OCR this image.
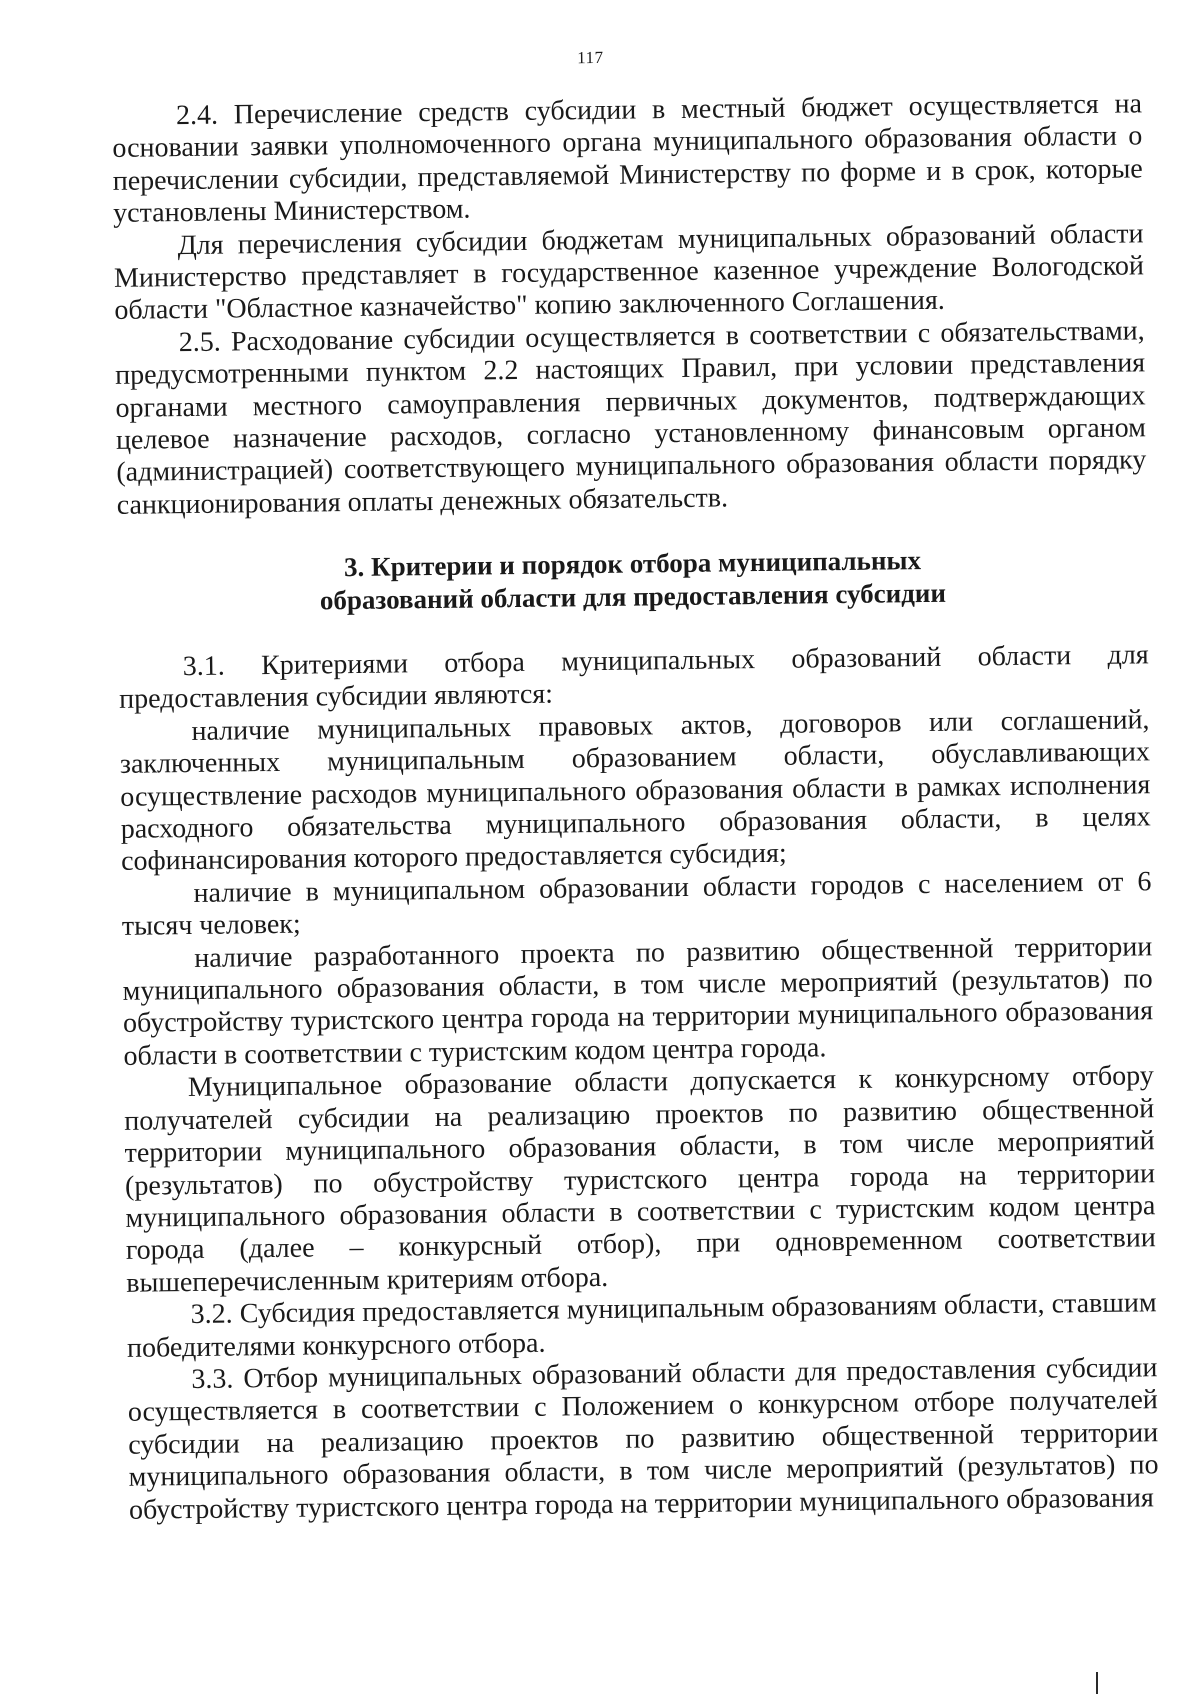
117

2.4. Перечисление средств субсидии в местный бюджет осуществляется на основании заявки уполномоченного органа муниципального образования области о перечислении субсидии, представляемой Министерству по форме и в срок, которые установлены Министерством.

Для перечисления субсидии бюджетам муниципальных образований области Министерство представляет в государственное казенное учреждение Вологодской области "Областное казначейство" копию заключенного Соглашения.

2.5. Расходование субсидии осуществляется в соответствии с обязательствами, предусмотренными пунктом 2.2 настоящих Правил, при условии представления органами местного самоуправления первичных документов, подтверждающих целевое назначение расходов, согласно установленному финансовым органом (администрацией) соответствующего муниципального образования области порядку санкционирования оплаты денежных обязательств.

3. Критерии и порядок отбора муниципальных
образований области для предоставления субсидии

3.1. Критериями отбора муниципальных образований области для предоставления субсидии являются:

наличие муниципальных правовых актов, договоров или соглашений, заключенных муниципальным образованием области, обуславливающих осуществление расходов муниципального образования области в рамках исполнения расходного обязательства муниципального образования области, в целях софинансирования которого предоставляется субсидия;

наличие в муниципальном образовании области городов с населением от 6 тысяч человек;

наличие разработанного проекта по развитию общественной территории муниципального образования области, в том числе мероприятий (результатов) по обустройству туристского центра города на территории муниципального образования области в соответствии с туристским кодом центра города.

Муниципальное образование области допускается к конкурсному отбору получателей субсидии на реализацию проектов по развитию общественной территории муниципального образования области, в том числе мероприятий (результатов) по обустройству туристского центра города на территории муниципального образования области в соответствии с туристским кодом центра города (далее – конкурсный отбор), при одновременном соответствии вышеперечисленным критериям отбора.

3.2. Субсидия предоставляется муниципальным образованиям области, ставшим победителями конкурсного отбора.

3.3. Отбор муниципальных образований области для предоставления субсидии осуществляется в соответствии с Положением о конкурсном отборе получателей субсидии на реализацию проектов по развитию общественной территории муниципального образования области, в том числе мероприятий (результатов) по обустройству туристского центра города на территории муниципального образования
